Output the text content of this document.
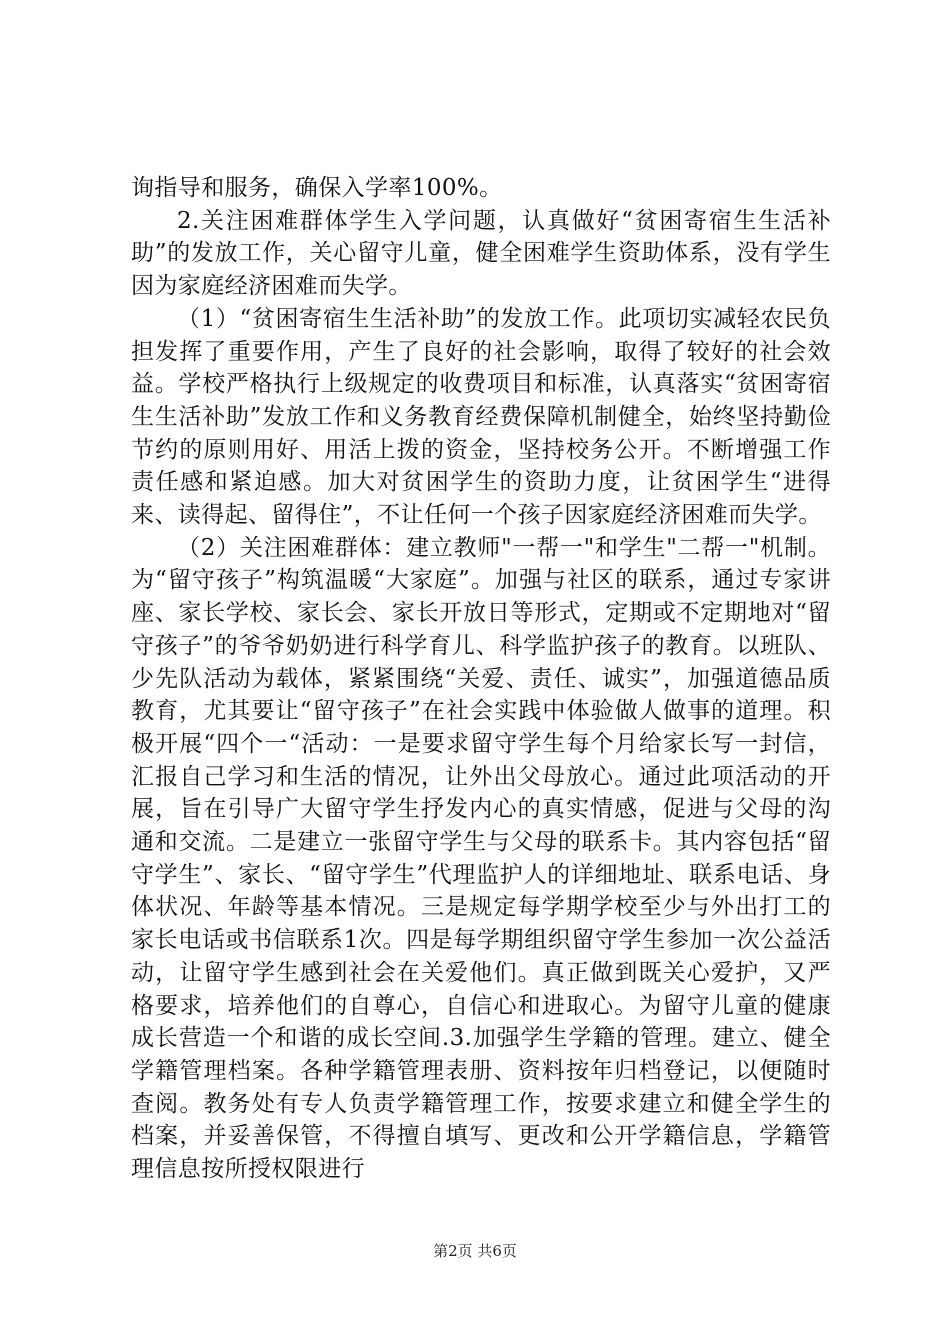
询指导和服务，确保入学率100%。

2.关注困难群体学生入学问题，认真做好“贫困寄宿生生活补助”的发放工作，关心留守儿童，健全困难学生资助体系，没有学生因为家庭经济困难而失学。

（1）“贫困寄宿生生活补助”的发放工作。此项切实减轻农民负担发挥了重要作用，产生了良好的社会影响，取得了较好的社会效益。学校严格执行上级规定的收费项目和标准，认真落实“贫困寄宿生生活补助”发放工作和义务教育经费保障机制健全，始终坚持勤俭节约的原则用好、用活上拨的资金，坚持校务公开。不断增强工作责任感和紧迫感。加大对贫困学生的资助力度，让贫困学生“进得来、读得起、留得住”，不让任何一个孩子因家庭经济困难而失学。

（2）关注困难群体：建立教师"一帮一"和学生"二帮一"机制。为“留守孩子”构筑温暖“大家庭”。加强与社区的联系，通过专家讲座、家长学校、家长会、家长开放日等形式，定期或不定期地对“留守孩子”的爷爷奶奶进行科学育儿、科学监护孩子的教育。以班队、少先队活动为载体，紧紧围绕“关爱、责任、诚实”，加强道德品质教育，尤其要让“留守孩子”在社会实践中体验做人做事的道理。积极开展“四个一“活动：一是要求留守学生每个月给家长写一封信，汇报自己学习和生活的情况，让外出父母放心。通过此项活动的开展，旨在引导广大留守学生抒发内心的真实情感，促进与父母的沟通和交流。二是建立一张留守学生与父母的联系卡。其内容包括“留守学生”、家长、“留守学生”代理监护人的详细地址、联系电话、身体状况、年龄等基本情况。三是规定每学期学校至少与外出打工的家长电话或书信联系1次。四是每学期组织留守学生参加一次公益活动，让留守学生感到社会在关爱他们。真正做到既关心爱护，又严格要求，培养他们的自尊心，自信心和进取心。为留守儿童的健康成长营造一个和谐的成长空间.3.加强学生学籍的管理。建立、健全学籍管理档案。各种学籍管理表册、资料按年归档登记，以便随时查阅。教务处有专人负责学籍管理工作，按要求建立和健全学生的档案，并妥善保管，不得擅自填写、更改和公开学籍信息，学籍管理信息按所授权限进行

第2页 共6页
